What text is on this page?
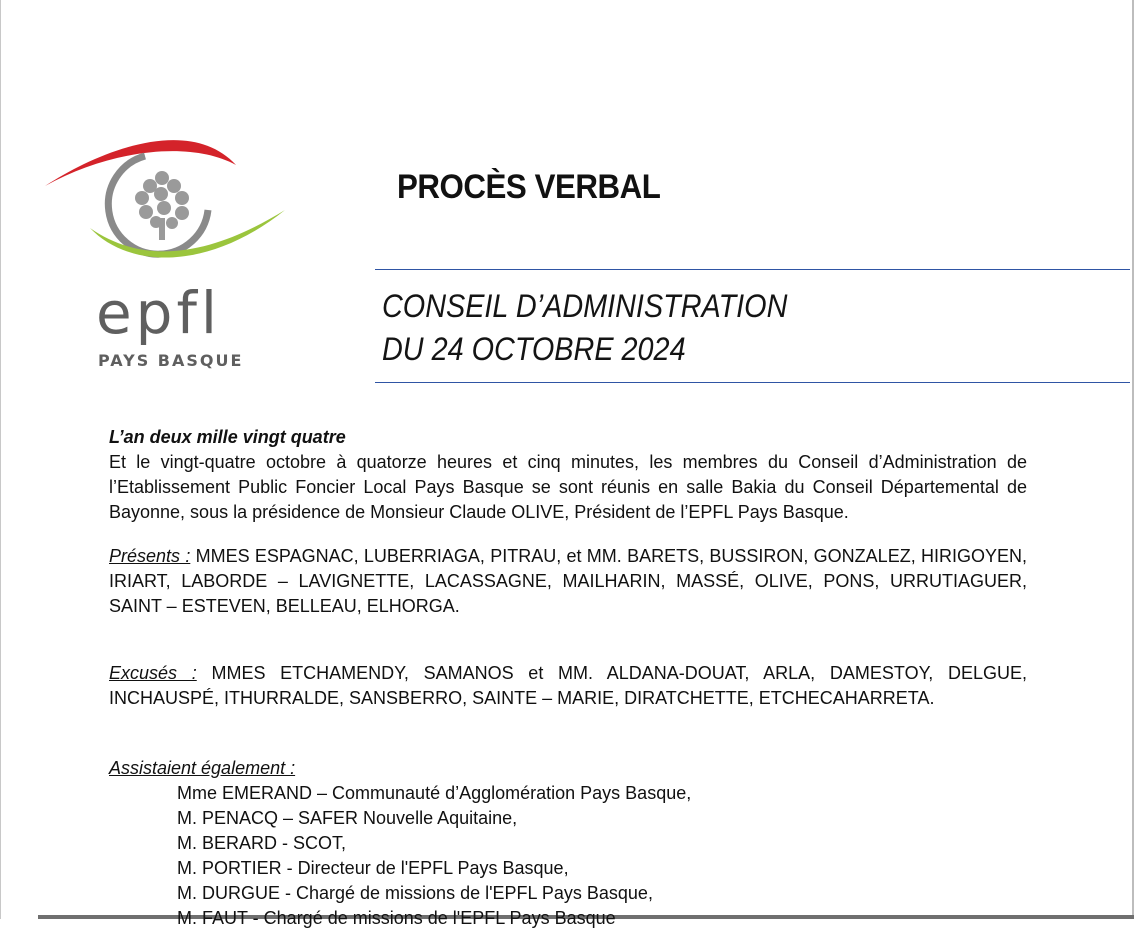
epfl
PAYS BASQUE
PROCÈS VERBAL
CONSEIL D’ADMINISTRATION
DU 24 OCTOBRE 2024
L’an deux mille vingt quatre
Et le vingt-quatre octobre à quatorze heures et cinq minutes, les membres du Conseil d’Administration de l’Etablissement Public Foncier Local Pays Basque se sont réunis en salle Bakia du Conseil Départemental de Bayonne, sous la présidence de Monsieur Claude OLIVE, Président de l’EPFL Pays Basque.
Présents : MMES ESPAGNAC, LUBERRIAGA, PITRAU, et MM. BARETS, BUSSIRON, GONZALEZ, HIRIGOYEN, IRIART, LABORDE – LAVIGNETTE, LACASSAGNE, MAILHARIN, MASSÉ, OLIVE, PONS, URRUTIAGUER, SAINT – ESTEVEN, BELLEAU, ELHORGA.
Excusés : MMES ETCHAMENDY, SAMANOS et MM. ALDANA-DOUAT, ARLA, DAMESTOY, DELGUE, INCHAUSPÉ, ITHURRALDE, SANSBERRO, SAINTE – MARIE, DIRATCHETTE, ETCHECAHARRETA.
Assistaient également :
Mme EMERAND – Communauté d’Agglomération Pays Basque,
M. PENACQ – SAFER Nouvelle Aquitaine,
M. BERARD - SCOT,
M. PORTIER - Directeur de l'EPFL Pays Basque,
M. DURGUE - Chargé de missions de l'EPFL Pays Basque,
M. FAUT - Chargé de missions de l'EPFL Pays Basque
